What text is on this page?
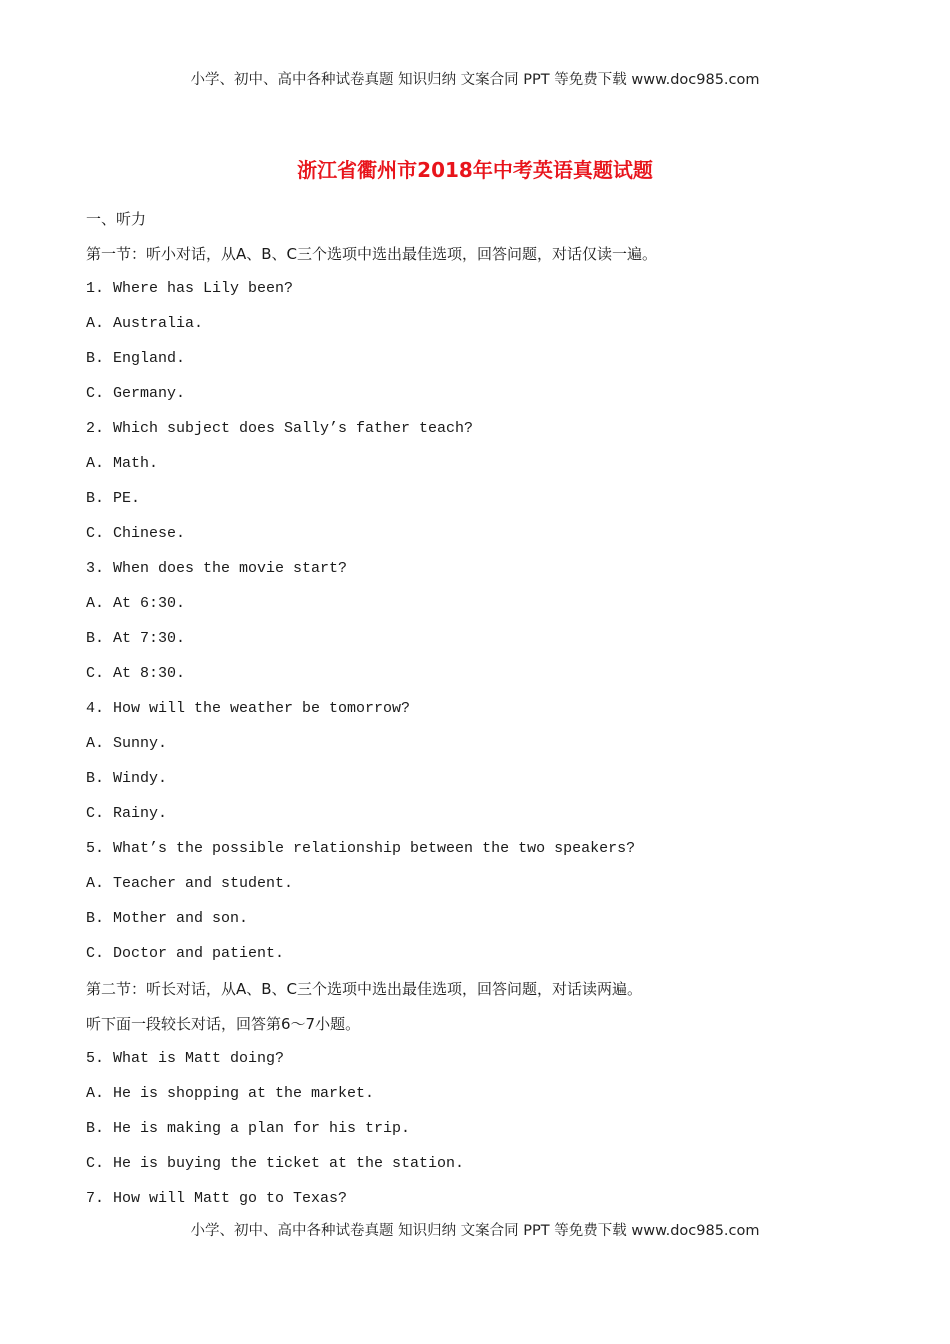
小学、初中、高中各种试卷真题 知识归纳 文案合同 PPT 等免费下载 www.doc985.com
浙江省衢州市2018年中考英语真题试题
一、听力
第一节：听小对话，从A、B、C三个选项中选出最佳选项，回答问题，对话仅读一遍。
1. Where has Lily been?
A. Australia.
B. England.
C. Germany.
2. Which subject does Sally’s father teach?
A. Math.
B. PE.
C. Chinese.
3. When does the movie start?
A. At 6:30.
B. At 7:30.
C. At 8:30.
4. How will the weather be tomorrow?
A. Sunny.
B. Windy.
C. Rainy.
5. What’s the possible relationship between the two speakers?
A. Teacher and student.
B. Mother and son.
C. Doctor and patient.
第二节：听长对话，从A、B、C三个选项中选出最佳选项，回答问题，对话读两遍。
听下面一段较长对话，回答第6～7小题。
5. What is Matt doing?
A. He is shopping at the market.
B. He is making a plan for his trip.
C. He is buying the ticket at the station.
7. How will Matt go to Texas?
小学、初中、高中各种试卷真题 知识归纳 文案合同 PPT 等免费下载 www.doc985.com
